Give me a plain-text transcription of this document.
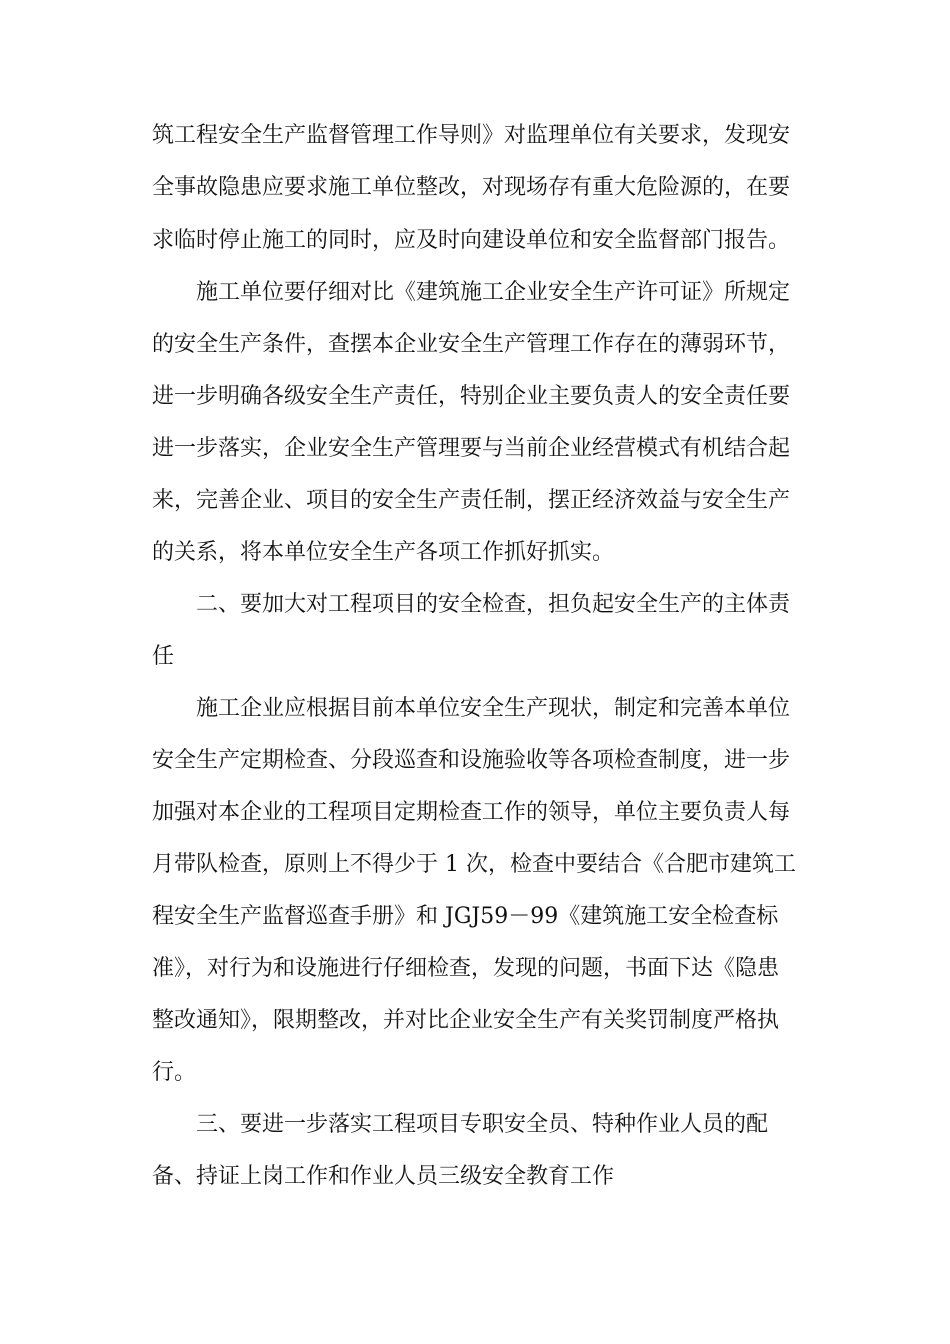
筑工程安全生产监督管理工作导则》对监理单位有关要求，发现安
全事故隐患应要求施工单位整改，对现场存有重大危险源的，在要
求临时停止施工的同时，应及时向建设单位和安全监督部门报告。
施工单位要仔细对比《建筑施工企业安全生产许可证》所规定
的安全生产条件，查摆本企业安全生产管理工作存在的薄弱环节，
进一步明确各级安全生产责任，特别企业主要负责人的安全责任要
进一步落实，企业安全生产管理要与当前企业经营模式有机结合起
来，完善企业、项目的安全生产责任制，摆正经济效益与安全生产
的关系，将本单位安全生产各项工作抓好抓实。
二、要加大对工程项目的安全检查，担负起安全生产的主体责
任
施工企业应根据目前本单位安全生产现状，制定和完善本单位
安全生产定期检查、分段巡查和设施验收等各项检查制度，进一步
加强对本企业的工程项目定期检查工作的领导，单位主要负责人每
月带队检查，原则上不得少于 1 次，检查中要结合《合肥市建筑工
程安全生产监督巡查手册》和 JGJ59－99《建筑施工安全检查标
准》，对行为和设施进行仔细检查，发现的问题，书面下达《隐患
整改通知》，限期整改，并对比企业安全生产有关奖罚制度严格执
行。
三、要进一步落实工程项目专职安全员、特种作业人员的配
备、持证上岗工作和作业人员三级安全教育工作
